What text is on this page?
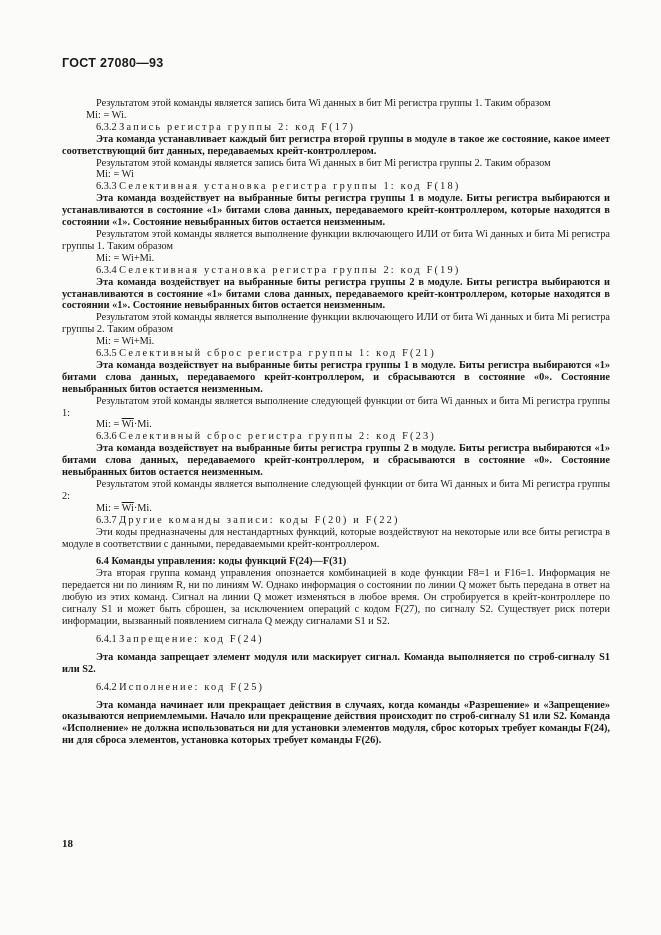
ГОСТ 27080—93

Результатом этой команды является запись бита Wi данных в бит Mi регистра группы 1. Таким образом

Mi: = Wi.

6.3.2 Запись регистра группы 2: код F(17)

Эта команда устанавливает каждый бит регистра второй группы в модуле в такое же состояние, какое имеет соответствующий бит данных, передаваемых крейт-контроллером.

Результатом этой команды является запись бита Wi данных в бит Mi регистра группы 2. Таким образом

Mi: = Wi

6.3.3 Селективная установка регистра группы 1: код F(18)

Эта команда воздействует на выбранные биты регистра группы 1 в модуле. Биты регистра выбираются и устанавливаются в состояние «1» битами слова данных, передаваемого крейт-контроллером, которые находятся в состоянии «1». Состояние невыбранных битов остается неизменным.

Результатом этой команды является выполнение функции включающего ИЛИ от бита Wi данных и бита Mi регистра группы 1. Таким образом

Mi: = Wi+Mi.

6.3.4 Селективная установка регистра группы 2: код F(19)

Эта команда воздействует на выбранные биты регистра группы 2 в модуле. Биты регистра выбираются и устанавливаются в состояние «1» битами слова данных, передаваемого крейт-контроллером, которые находятся в состоянии «1». Состояние невыбранных битов остается неизменным.

Результатом этой команды является выполнение функции включающего ИЛИ от бита Wi данных и бита Mi регистра группы 2. Таким образом

Mi: = Wi+Mi.

6.3.5 Селективный сброс регистра группы 1: код F(21)

Эта команда воздействует на выбранные биты регистра группы 1 в модуле. Биты регистра выбираются «1» битами слова данных, передаваемого крейт-контроллером, и сбрасываются в состояние «0». Состояние невыбранных битов остается неизменным.

Результатом этой команды является выполнение следующей функции от бита Wi данных и бита Mi регистра группы 1:

Mi: = $\overline{Wi}\cdot Mi$.

6.3.6 Селективный сброс регистра группы 2: код F(23)

Эта команда воздействует на выбранные биты регистра группы 2 в модуле. Биты регистра выбираются «1» битами слова данных, передаваемого крейт-контроллером, и сбрасываются в состояние «0». Состояние невыбранных битов остается неизменным.

Результатом этой команды является выполнение следующей функции от бита Wi данных и бита Mi регистра группы 2:

Mi: = $\overline{Wi}\cdot Mi$.

6.3.7 Другие команды записи: коды F(20) и F(22)

Эти коды предназначены для нестандартных функций, которые воздействуют на некоторые или все биты регистра в модуле в соответствии с данными, передаваемыми крейт-контроллером.

6.4 Команды управления: коды функций F(24)—F(31)

Эта вторая группа команд управления опознается комбинацией в коде функции F8=1 и F16=1. Информация не передается ни по линиям R, ни по линиям W. Однако информация о состоянии по линии Q может быть передана в ответ на любую из этих команд. Сигнал на линии Q может изменяться в любое время. Он стробируется в крейт-контроллере по сигналу S1 и может быть сброшен, за исключением операций с кодом F(27), по сигналу S2. Существует риск потери информации, вызванный появлением сигнала Q между сигналами S1 и S2.

6.4.1 Запрещение: код F(24)

Эта команда запрещает элемент модуля или маскирует сигнал. Команда выполняется по строб-сигналу S1 или S2.

6.4.2 Исполнение: код F(25)

Эта команда начинает или прекращает действия в случаях, когда команды «Разрешение» и «Запрещение» оказываются неприемлемыми. Начало или прекращение действия происходит по строб-сигналу S1 или S2. Команда «Исполнение» не должна использоваться ни для установки элементов модуля, сброс которых требует команды F(24), ни для сброса элементов, установка которых требует команды F(26).

18
